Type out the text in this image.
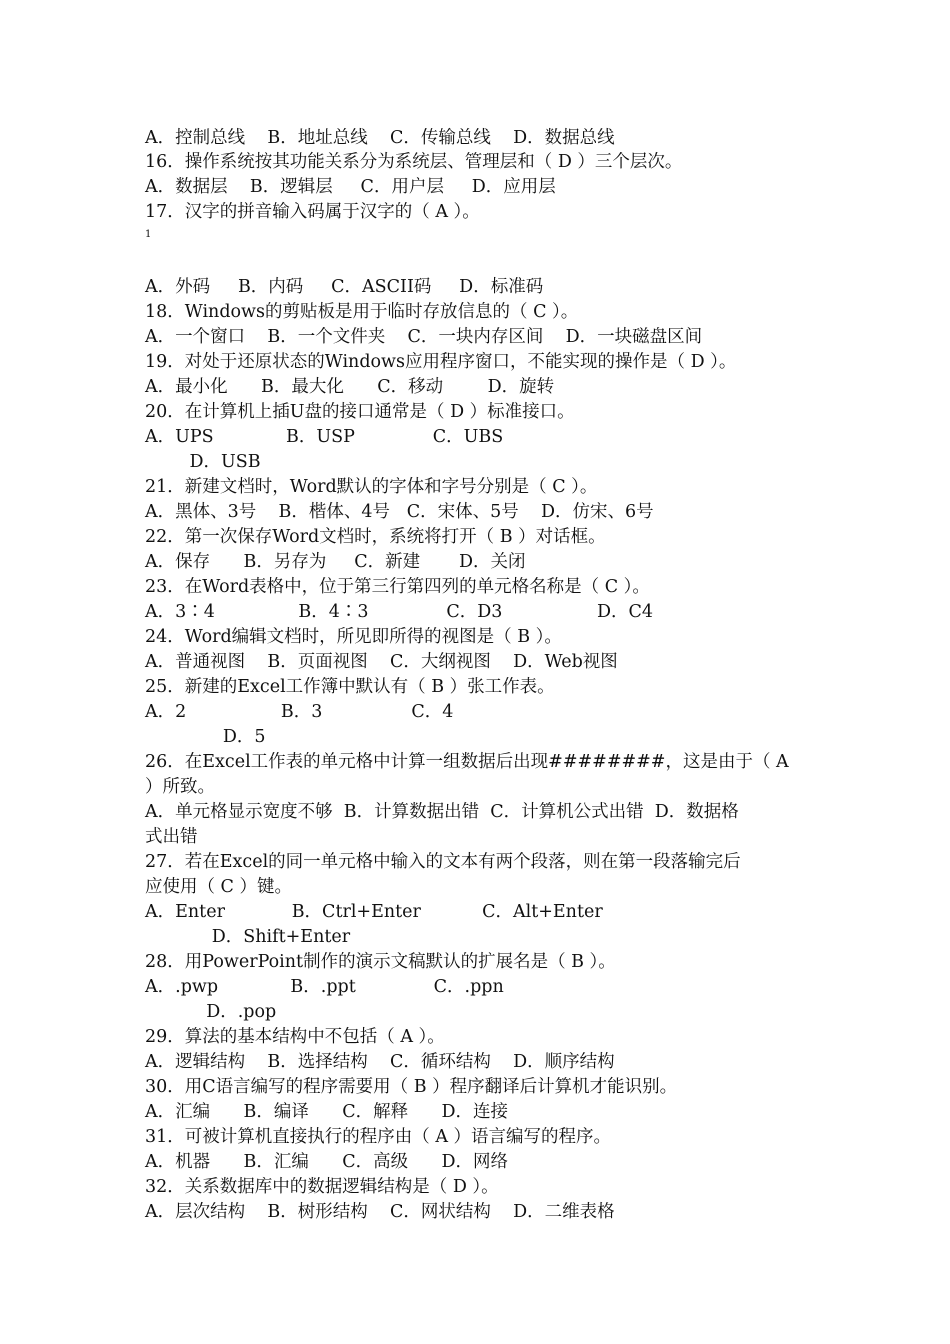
A．控制总线    B．地址总线    C．传输总线    D．数据总线
16．操作系统按其功能关系分为系统层、管理层和（ D ）三个层次。
A．数据层    B．逻辑层     C．用户层     D．应用层
17．汉字的拼音输入码属于汉字的（ A ）。
A．外码     B．内码     C．ASCII码     D．标准码
18．Windows的剪贴板是用于临时存放信息的（ C ）。
A．一个窗口    B．一个文件夹    C．一块内存区间    D．一块磁盘区间
19．对处于还原状态的Windows应用程序窗口，不能实现的操作是（ D ）。
A．最小化      B．最大化      C．移动        D．旋转
20．在计算机上插U盘的接口通常是（ D ）标准接口。
A．UPS             B．USP              C．UBS
D．USB
21．新建文档时，Word默认的字体和字号分别是（ C ）。
A．黑体、3号    B．楷体、4号   C．宋体、5号    D．仿宋、6号
22．第一次保存Word文档时，系统将打开（ B ）对话框。
A．保存      B．另存为     C．新建       D．关闭
23．在Word表格中，位于第三行第四列的单元格名称是（ C ）。
A．3∶4               B．4∶3              C．D3                 D．C4
24．Word编辑文档时，所见即所得的视图是（ B ）。
A．普通视图    B．页面视图    C．大纲视图    D．Web视图
25．新建的Excel工作簿中默认有（ B ）张工作表。
A．2                 B．3                C．4
D．5
26．在Excel工作表的单元格中计算一组数据后出现########，这是由于（ A
）所致。
A．单元格显示宽度不够  B．计算数据出错  C．计算机公式出错  D．数据格
式出错
27．若在Excel的同一单元格中输入的文本有两个段落，则在第一段落输完后
应使用（ C ）键。
A．Enter            B．Ctrl+Enter           C．Alt+Enter
D．Shift+Enter
28．用PowerPoint制作的演示文稿默认的扩展名是（ B ）。
A．.pwp             B．.ppt              C．.ppn
D．.pop
29．算法的基本结构中不包括（ A ）。
A．逻辑结构    B．选择结构    C．循环结构    D．顺序结构
30．用C语言编写的程序需要用（ B ）程序翻译后计算机才能识别。
A．汇编      B．编译      C．解释      D．连接
31．可被计算机直接执行的程序由（ A ）语言编写的程序。
A．机器      B．汇编      C．高级      D．网络
32．关系数据库中的数据逻辑结构是（ D ）。
A．层次结构    B．树形结构    C．网状结构    D．二维表格
1
